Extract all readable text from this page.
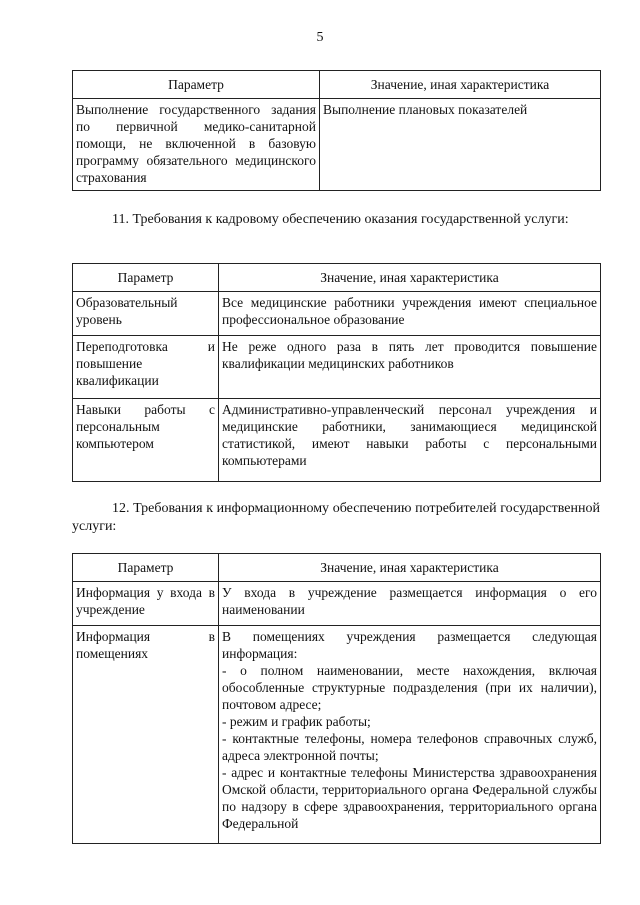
5
Параметр	Значение, иная характеристика
Выполнение государственного задания по первичной медико-санитарной помощи, не включенной в базовую программу обязательного медицинского страхования	Выполнение плановых показателей
11. Требования к кадровому обеспечению оказания государственной услуги:
Параметр	Значение, иная характеристика
Образовательный уровень	Все медицинские работники учреждения имеют специальное профессиональное образование
Переподготовка и повышение квалификации	Не реже одного раза в пять лет проводится повышение квалификации медицинских работников
Навыки работы с персональным компьютером	Административно-управленческий персонал учреждения и медицинские работники, занимающиеся медицинской статистикой, имеют навыки работы с персональными компьютерами
12. Требования к информационному обеспечению потребителей государственной услуги:
Параметр	Значение, иная характеристика
Информация у входа в учреждение	У входа в учреждение размещается информация о его наименовании
Информация в помещениях	В помещениях учреждения размещается следующая информация:
- о полном наименовании, месте нахождения, включая обособленные структурные подразделения (при их наличии), почтовом адресе;
- режим и график работы;
- контактные телефоны, номера телефонов справочных служб, адреса электронной почты;
- адрес и контактные телефоны Министерства здравоохранения Омской области, территориального органа Федеральной службы по надзору в сфере здравоохранения, территориального органа Федеральной
